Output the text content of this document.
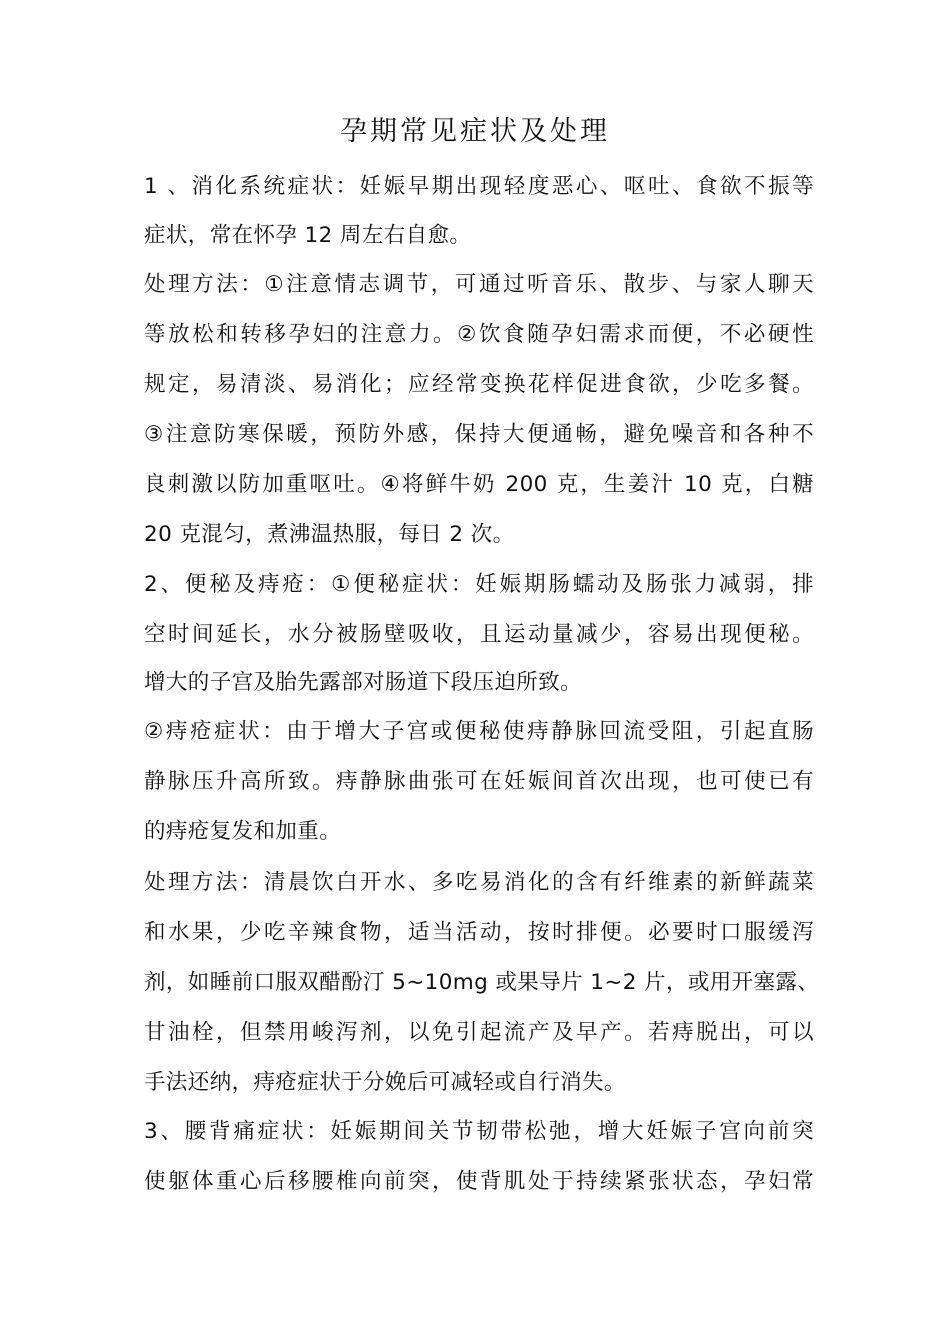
孕期常见症状及处理
1 、消化系统症状：妊娠早期出现轻度恶心、呕吐、食欲不振等
症状，常在怀孕 12 周左右自愈。
处理方法：①注意情志调节，可通过听音乐、散步、与家人聊天
等放松和转移孕妇的注意力。②饮食随孕妇需求而便，不必硬性
规定，易清淡、易消化；应经常变换花样促进食欲，少吃多餐。
③注意防寒保暖，预防外感，保持大便通畅，避免噪音和各种不
良刺激以防加重呕吐。④将鲜牛奶 200 克，生姜汁 10 克，白糖
20 克混匀，煮沸温热服，每日 2 次。
2、便秘及痔疮：①便秘症状：妊娠期肠蠕动及肠张力减弱，排
空时间延长，水分被肠壁吸收，且运动量减少，容易出现便秘。
增大的子宫及胎先露部对肠道下段压迫所致。
②痔疮症状：由于增大子宫或便秘使痔静脉回流受阻，引起直肠
静脉压升高所致。痔静脉曲张可在妊娠间首次出现，也可使已有
的痔疮复发和加重。
处理方法：清晨饮白开水、多吃易消化的含有纤维素的新鲜蔬菜
和水果，少吃辛辣食物，适当活动，按时排便。必要时口服缓泻
剂，如睡前口服双醋酚汀 5~10mg 或果导片 1~2 片，或用开塞露、
甘油栓，但禁用峻泻剂，以免引起流产及早产。若痔脱出，可以
手法还纳，痔疮症状于分娩后可减轻或自行消失。
3、腰背痛症状：妊娠期间关节韧带松弛，增大妊娠子宫向前突
使躯体重心后移腰椎向前突，使背肌处于持续紧张状态，孕妇常
